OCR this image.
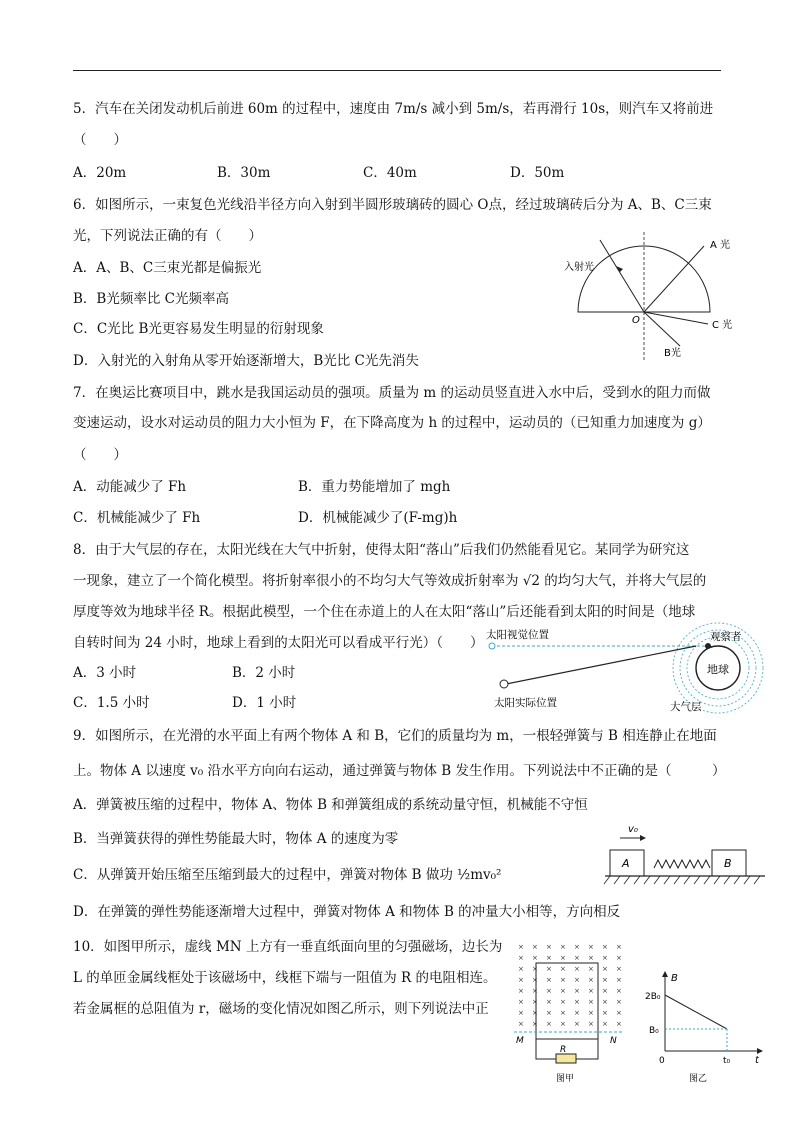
5．汽车在关闭发动机后前进 60m 的过程中，速度由 7m/s 减小到 5m/s，若再滑行 10s，则汽车又将前进
（　　）
A．20m	B．30m	C．40m	D．50m
6．如图所示，一束复色光线沿半径方向入射到半圆形玻璃砖的圆心 O点，经过玻璃砖后分为 A、B、C三束
光，下列说法正确的有（　　）
A．A、B、C三束光都是偏振光
B．B光频率比 C光频率高
C．C光比 B光更容易发生明显的衍射现象
D．入射光的入射角从零开始逐渐增大，B光比 C光先消失
入射光
A 光
C 光
B光
O
7．在奥运比赛项目中，跳水是我国运动员的强项。质量为 m 的运动员竖直进入水中后，受到水的阻力而做
变速运动，设水对运动员的阻力大小恒为 F，在下降高度为 h 的过程中，运动员的（已知重力加速度为 g）
（　　）
A．动能减少了 Fh	B．重力势能增加了 mgh
C．机械能减少了 Fh	D．机械能减少了(F-mg)h
8．由于大气层的存在，太阳光线在大气中折射，使得太阳“落山”后我们仍然能看见它。某同学为研究这
一现象，建立了一个简化模型。将折射率很小的不均匀大气等效成折射率为 √2 的均匀大气，并将大气层的
厚度等效为地球半径 R。根据此模型，一个住在赤道上的人在太阳“落山”后还能看到太阳的时间是（地球
自转时间为 24 小时，地球上看到的太阳光可以看成平行光）（　　）
A．3 小时	B．2 小时
C．1.5 小时	D．1 小时
太阳视觉位置	观察者
地球
太阳实际位置	大气层
9．如图所示，在光滑的水平面上有两个物体 A 和 B，它们的质量均为 m，一根轻弹簧与 B 相连静止在地面
上。物体 A 以速度 v₀ 沿水平方向向右运动，通过弹簧与物体 B 发生作用。下列说法中不正确的是（　　　）
A．弹簧被压缩的过程中，物体 A、物体 B 和弹簧组成的系统动量守恒，机械能不守恒
B．当弹簧获得的弹性势能最大时，物体 A 的速度为零
C．从弹簧开始压缩至压缩到最大的过程中，弹簧对物体 B 做功 ½mv₀²
D．在弹簧的弹性势能逐渐增大过程中，弹簧对物体 A 和物体 B 的冲量大小相等，方向相反
v₀
A	B
10．如图甲所示，虚线 MN 上方有一垂直纸面向里的匀强磁场，边长为
L 的单匝金属线框处于该磁场中，线框下端与一阻值为 R 的电阻相连。
若金属框的总阻值为 r，磁场的变化情况如图乙所示，则下列说法中正
× × × × × × × ×
× × × × × × × ×
× × × × × × × ×
× × × × × × × ×
× × × × × × × ×
× × × × × × × ×
× × × × × × × ×
× × × × × × × ×
R
M	N
图甲
B
2B₀
B₀
0	t₀ t
图乙
